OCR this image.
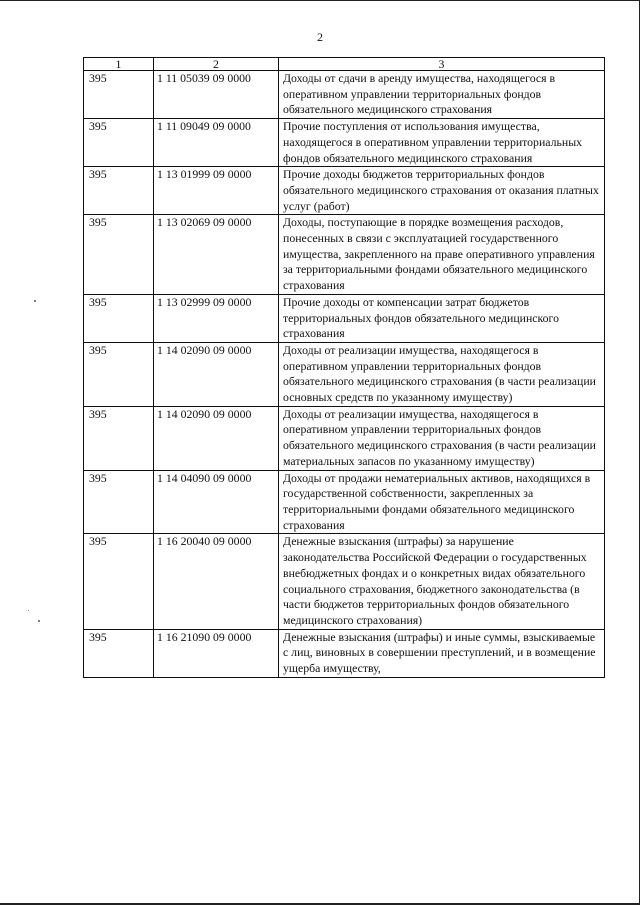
2
1	2	3
395	1 11 05039 09 0000	Доходы от сдачи в аренду имущества, находящегося в оперативном управлении территориальных фондов обязательного медицинского страхования
395	1 11 09049 09 0000	Прочие поступления от использования имущества, находящегося в оперативном управлении территориальных фондов обязательного медицинского страхования
395	1 13 01999 09 0000	Прочие доходы бюджетов территориальных фондов обязательного медицинского страхования от оказания платных услуг (работ)
395	1 13 02069 09 0000	Доходы, поступающие в порядке возмещения расходов, понесенных в связи с эксплуатацией государственного имущества, закрепленного на праве оперативного управления за территориальными фондами обязательного медицинского страхования
395	1 13 02999 09 0000	Прочие доходы от компенсации затрат бюджетов территориальных фондов обязательного медицинского страхования
395	1 14 02090 09 0000	Доходы от реализации имущества, находящегося в оперативном управлении территориальных фондов обязательного медицинского страхования (в части реализации основных средств по указанному имуществу)
395	1 14 02090 09 0000	Доходы от реализации имущества, находящегося в оперативном управлении территориальных фондов обязательного медицинского страхования (в части реализации материальных запасов по указанному имуществу)
395	1 14 04090 09 0000	Доходы от продажи нематериальных активов, находящихся в государственной собственности, закрепленных за территориальными фондами обязательного медицинского страхования
395	1 16 20040 09 0000	Денежные взыскания (штрафы) за нарушение законодательства Российской Федерации о государственных внебюджетных фондах и о конкретных видах обязательного социального страхования, бюджетного законодательства (в части бюджетов территориальных фондов обязательного медицинского страхования)
395	1 16 21090 09 0000	Денежные взыскания (штрафы) и иные суммы, взыскиваемые с лиц, виновных в совершении преступлений, и в возмещение ущерба имуществу,
